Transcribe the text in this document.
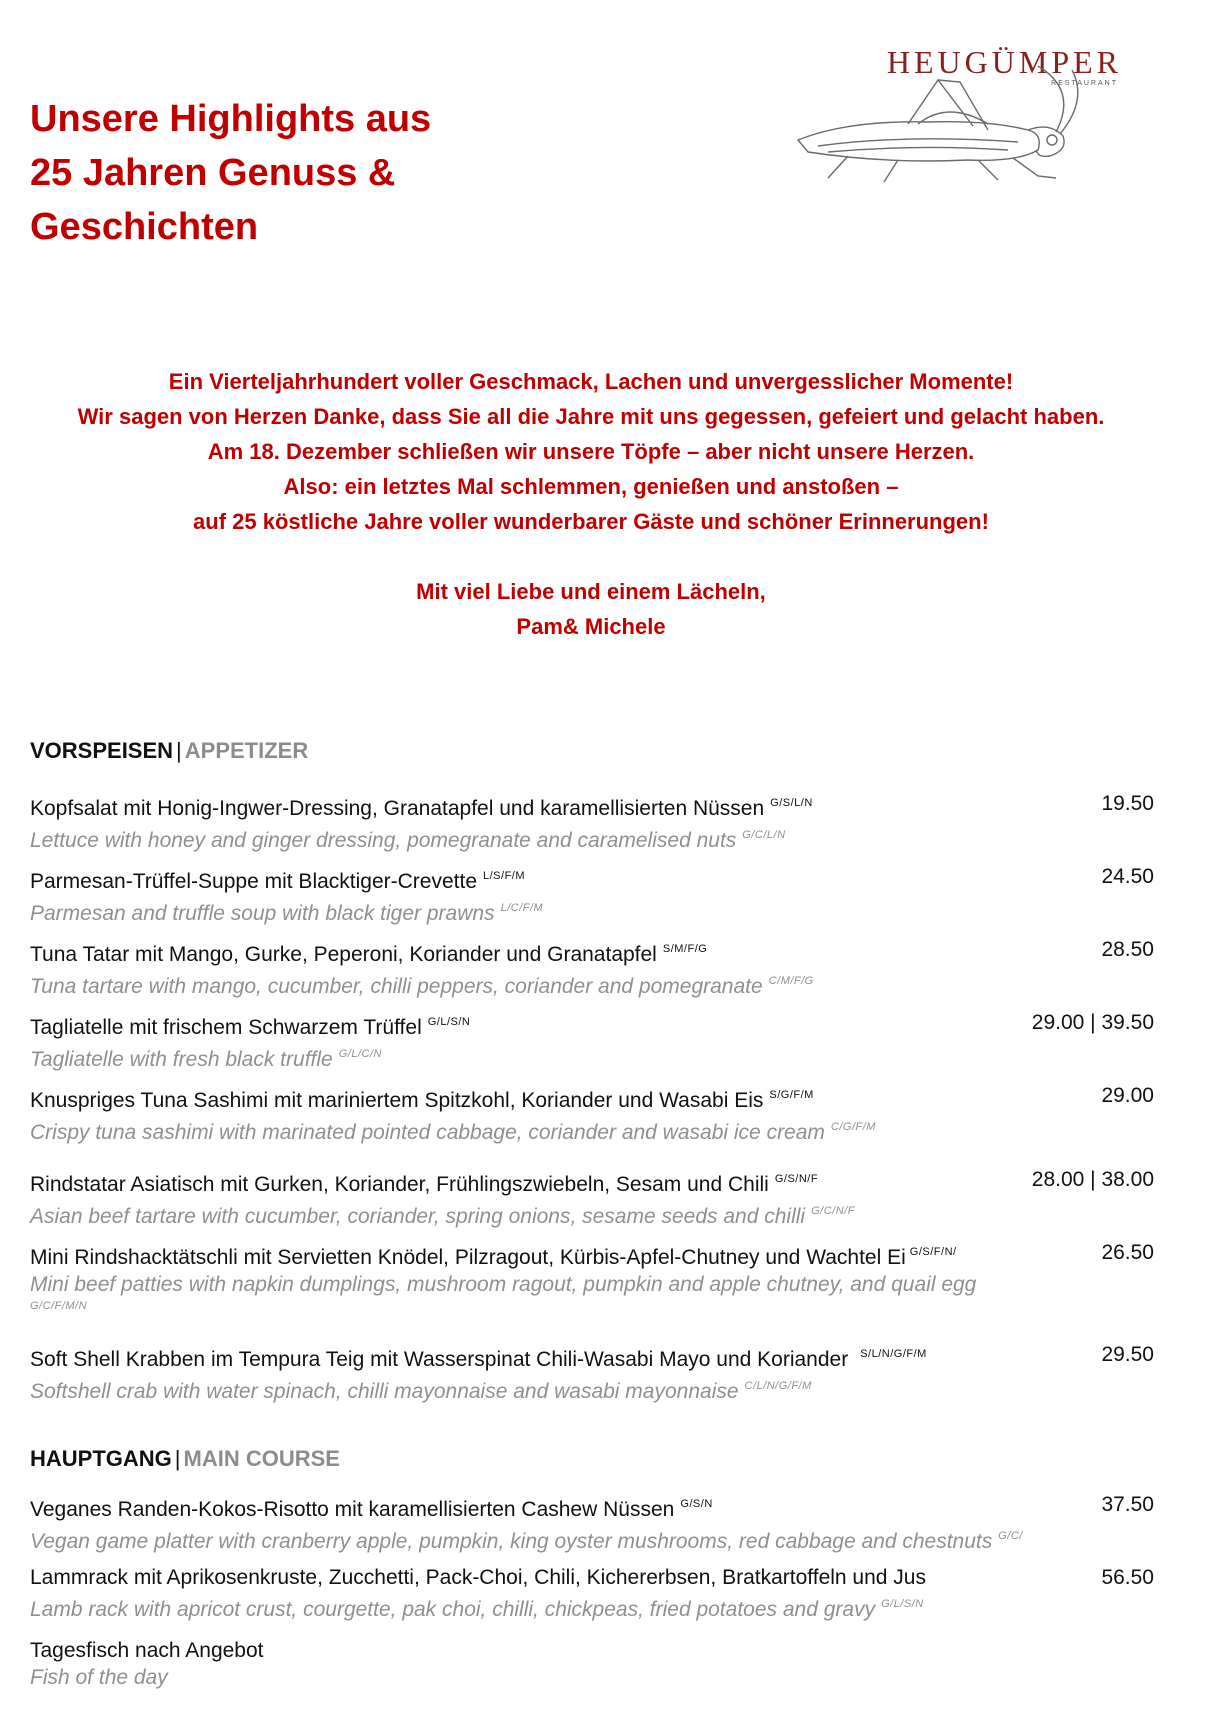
Unsere Highlights aus
25 Jahren Genuss &
Geschichten
HEUGÜMPER
RESTAURANT
Ein Vierteljahrhundert voller Geschmack, Lachen und unvergesslicher Momente!
Wir sagen von Herzen Danke, dass Sie all die Jahre mit uns gegessen, gefeiert und gelacht haben.
Am 18. Dezember schließen wir unsere Töpfe – aber nicht unsere Herzen.
Also: ein letztes Mal schlemmen, genießen und anstoßen –
auf 25 köstliche Jahre voller wunderbarer Gäste und schöner Erinnerungen!
Mit viel Liebe und einem Lächeln,
Pam& Michele
VORSPEISEN | APPETIZER
Kopfsalat mit Honig-Ingwer-Dressing, Granatapfel und karamellisierten Nüssen $^{G/S/L/N}$
Lettuce with honey and ginger dressing, pomegranate and caramelised nuts $^{G/C/L/N}$
19.50
Parmesan-Trüffel-Suppe mit Blacktiger-Crevette $^{L/S/F/M}$
Parmesan and truffle soup with black tiger prawns $^{L/C/F/M}$
24.50
Tuna Tatar mit Mango, Gurke, Peperoni, Koriander und Granatapfel $^{S/M/F/G}$
Tuna tartare with mango, cucumber, chilli peppers, coriander and pomegranate $^{C/M/F/G}$
28.50
Tagliatelle mit frischem Schwarzem Trüffel $^{G/L/S/N}$
Tagliatelle with fresh black truffle $^{G/L/C/N}$
29.00 | 39.50
Knuspriges Tuna Sashimi mit mariniertem Spitzkohl, Koriander und Wasabi Eis $^{S/G/F/M}$
Crispy tuna sashimi with marinated pointed cabbage, coriander and wasabi ice cream $^{C/G/F/M}$
29.00
Rindstatar Asiatisch mit Gurken, Koriander, Frühlingszwiebeln, Sesam und Chili $^{G/S/N/F}$
Asian beef tartare with cucumber, coriander, spring onions, sesame seeds and chilli $^{G/C/N/F}$
28.00 | 38.00
Mini Rindshacktätschli mit Servietten Knödel, Pilzragout, Kürbis-Apfel-Chutney und Wachtel Ei $^{G/S/F/N/}$
Mini beef patties with napkin dumplings, mushroom ragout, pumpkin and apple chutney, and quail egg
G/C/F/M/N
26.50
Soft Shell Krabben im Tempura Teig mit Wasserspinat Chili-Wasabi Mayo und Koriander $^{S/L/N/G/F/M}$
Softshell crab with water spinach, chilli mayonnaise and wasabi mayonnaise $^{C/L/N/G/F/M}$
29.50
HAUPTGANG | MAIN COURSE
Veganes Randen-Kokos-Risotto mit karamellisierten Cashew Nüssen $^{G/S/N}$
Vegan game platter with cranberry apple, pumpkin, king oyster mushrooms, red cabbage and chestnuts $^{G/C/}$
37.50
Lammrack mit Aprikosenkruste, Zucchetti, Pack-Choi, Chili, Kichererbsen, Bratkartoffeln und Jus
Lamb rack with apricot crust, courgette, pak choi, chilli, chickpeas, fried potatoes and gravy $^{G/L/S/N}$
56.50
Tagesfisch nach Angebot
Fish of the day
